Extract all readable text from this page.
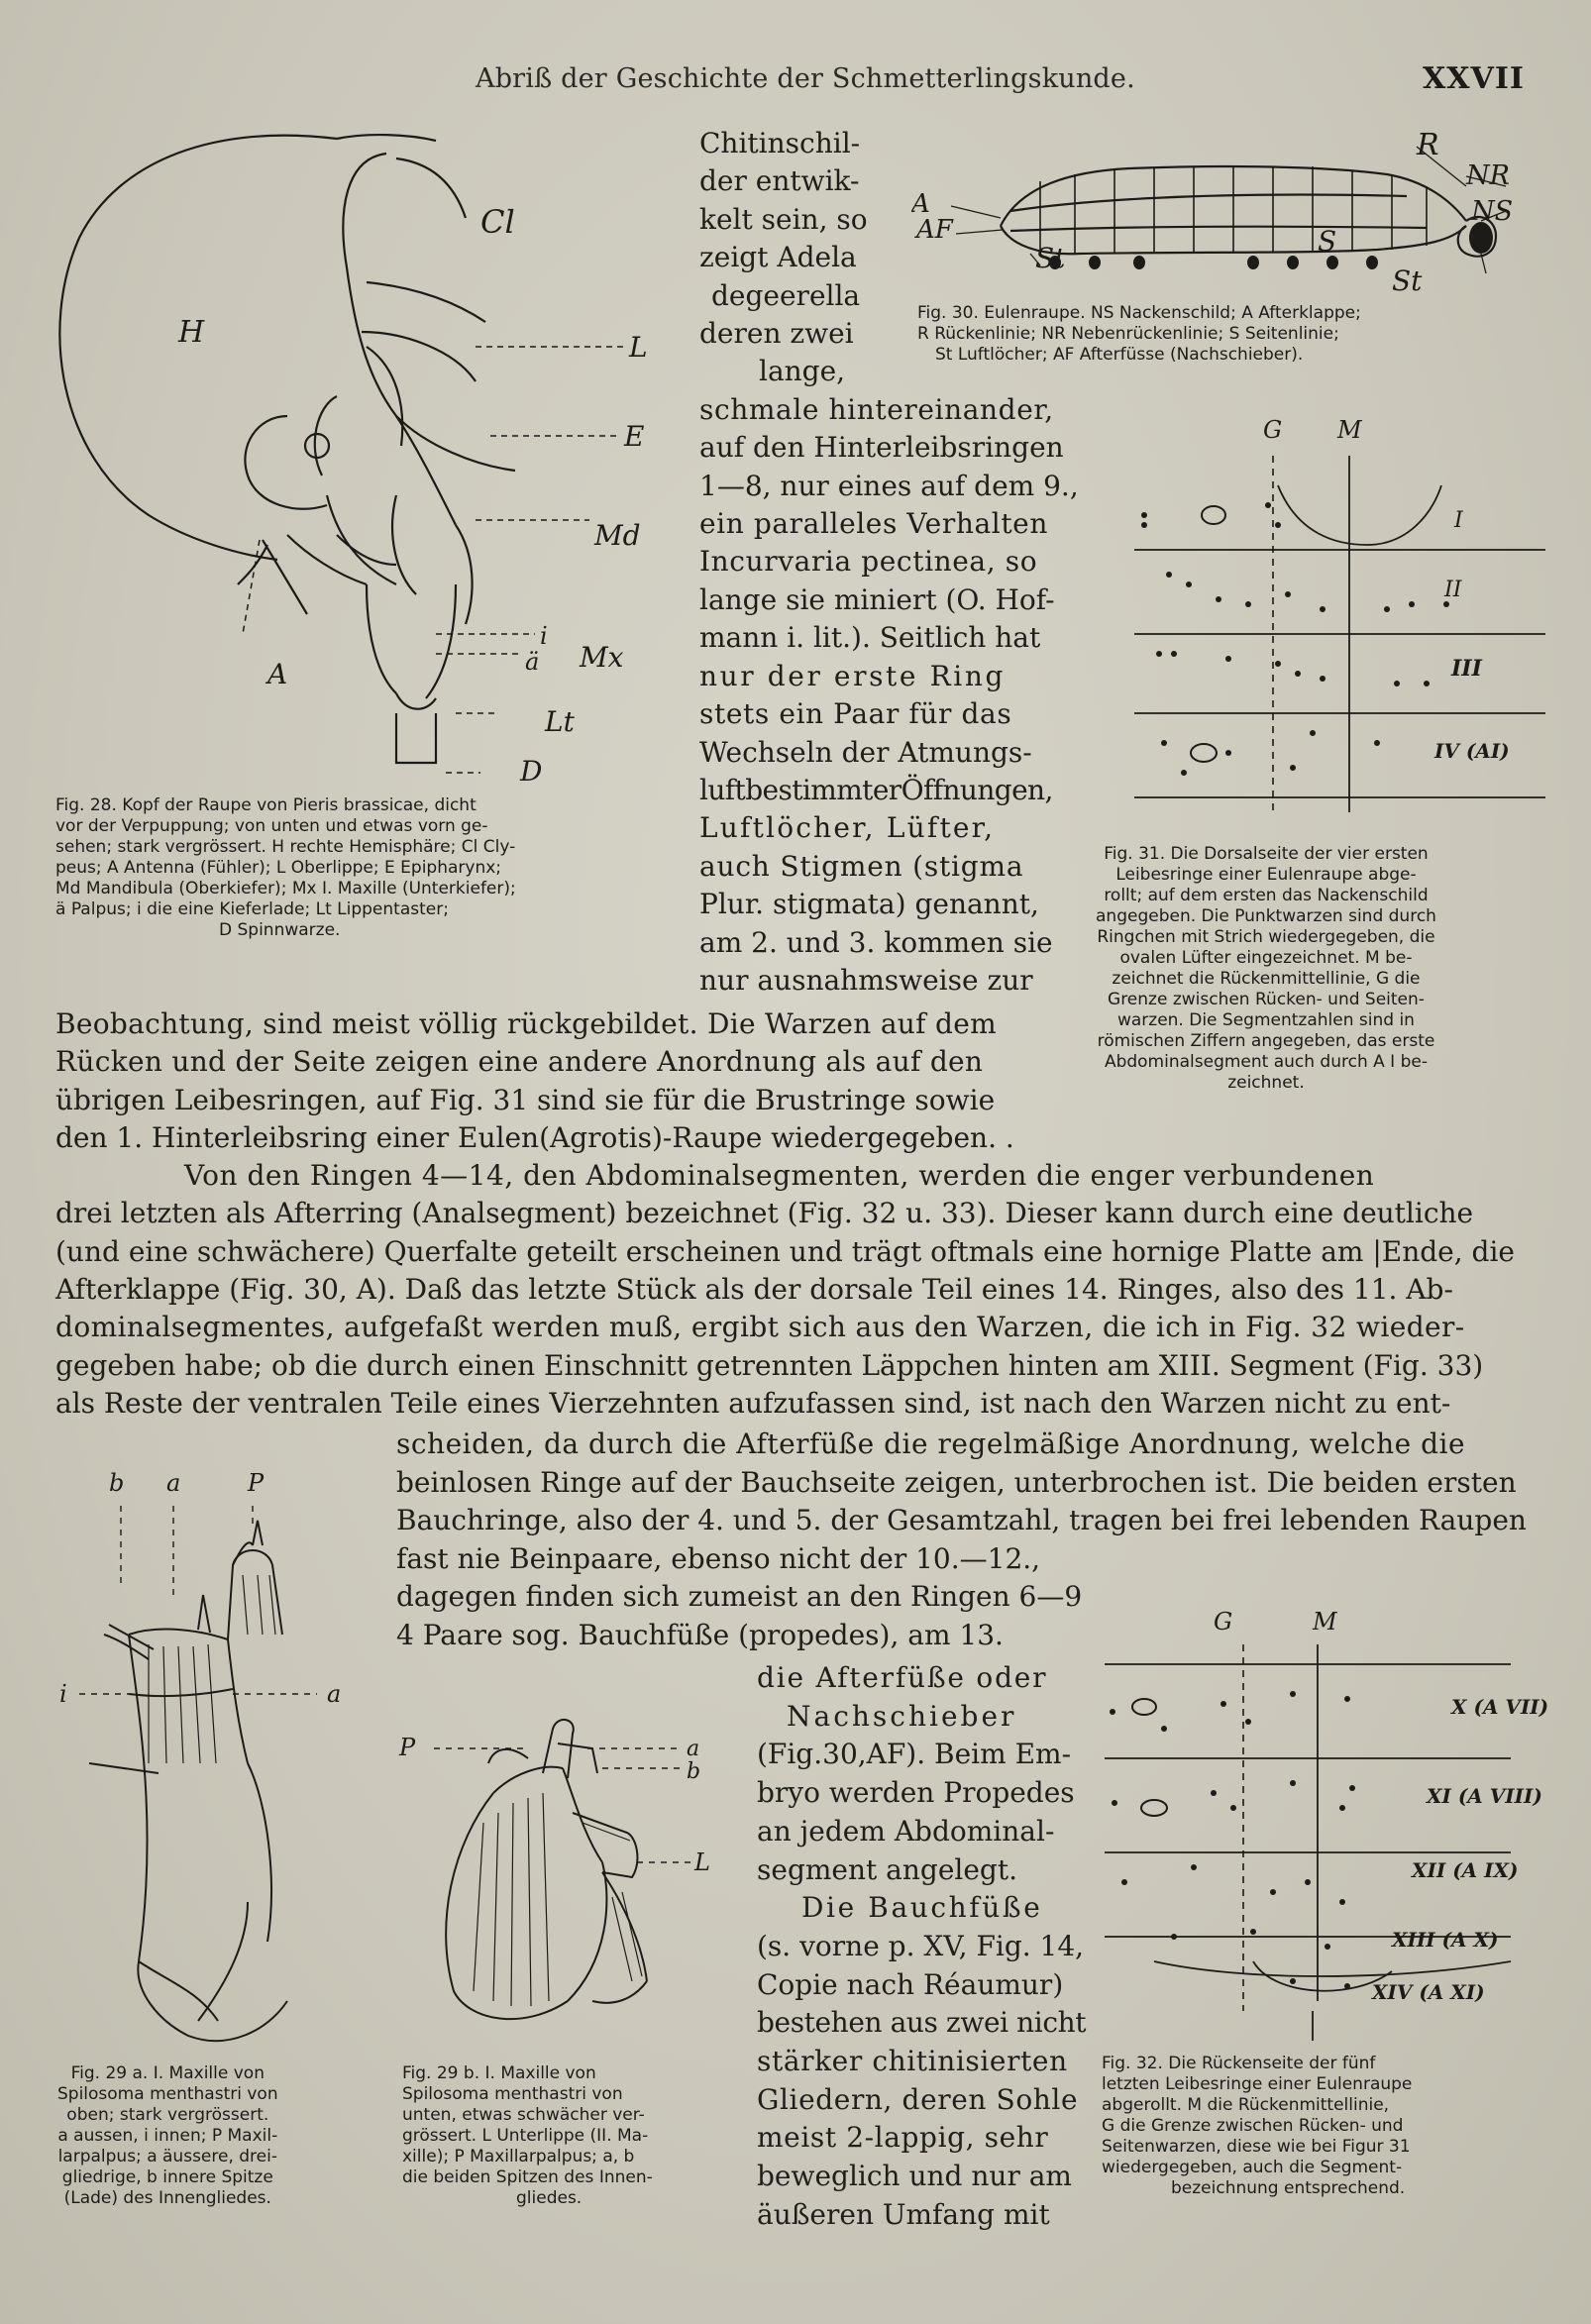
Abriß der Geschichte der Schmetterlingskunde.	XXVII
H
Cl
L
E
Md
i
ä Mx
Lt
D
A
Fig. 28. Kopf der Raupe von Pieris brassicae, dicht
vor der Verpuppung; von unten und etwas vorn ge-
sehen; stark vergrössert. H rechte Hemisphäre; Cl Cly-
peus; A Antenna (Fühler); L Oberlippe; E Epipharynx;
Md Mandibula (Oberkiefer); Mx I. Maxille (Unterkiefer);
ä Palpus; i die eine Kieferlade; Lt Lippentaster;
D Spinnwarze.
Chitinschil-
der entwik-
kelt sein, so
zeigt Adela
degeerella
deren zwei
lange,
schmale hintereinander,
auf den Hinterleibsringen
1—8, nur eines auf dem 9.,
ein paralleles Verhalten
Incurvaria pectinea, so
lange sie miniert (O. Hof-
mann i. lit.). Seitlich hat
nur der erste Ring
stets ein Paar für das
Wechseln der Atmungs-
luftbestimmterÖffnungen,
Luftlöcher, Lüfter,
auch Stigmen (stigma
Plur. stigmata) genannt,
am 2. und 3. kommen sie
nur ausnahmsweise zur
R
NR
NS
A
AF
St
S
St
Fig. 30. Eulenraupe. NS Nackenschild; A Afterklappe;
R Rückenlinie; NR Nebenrückenlinie; S Seitenlinie;
St Luftlöcher; AF Afterfüsse (Nachschieber).
G M
I
II
III
IV (AI)
Fig. 31. Die Dorsalseite der vier ersten
Leibesringe einer Eulenraupe abge-
rollt; auf dem ersten das Nackenschild
angegeben. Die Punktwarzen sind durch
Ringchen mit Strich wiedergegeben, die
ovalen Lüfter eingezeichnet. M be-
zeichnet die Rückenmittellinie, G die
Grenze zwischen Rücken- und Seiten-
warzen. Die Segmentzahlen sind in
römischen Ziffern angegeben, das erste
Abdominalsegment auch durch A I be-
zeichnet.
Beobachtung, sind meist völlig rückgebildet. Die Warzen auf dem
Rücken und der Seite zeigen eine andere Anordnung als auf den
übrigen Leibesringen, auf Fig. 31 sind sie für die Brustringe sowie
den 1. Hinterleibsring einer Eulen(Agrotis)-Raupe wiedergegeben. .
Von den Ringen 4—14, den Abdominalsegmenten, werden die enger verbundenen
drei letzten als Afterring (Analsegment) bezeichnet (Fig. 32 u. 33). Dieser kann durch eine deutliche
(und eine schwächere) Querfalte geteilt erscheinen und trägt oftmals eine hornige Platte am |Ende, die
Afterklappe (Fig. 30, A). Daß das letzte Stück als der dorsale Teil eines 14. Ringes, also des 11. Ab-
dominalsegmentes, aufgefaßt werden muß, ergibt sich aus den Warzen, die ich in Fig. 32 wieder-
gegeben habe; ob die durch einen Einschnitt getrennten Läppchen hinten am XIII. Segment (Fig. 33)
als Reste der ventralen Teile eines Vierzehnten aufzufassen sind, ist nach den Warzen nicht zu ent-
scheiden, da durch die Afterfüße die regelmäßige Anordnung, welche die
beinlosen Ringe auf der Bauchseite zeigen, unterbrochen ist. Die beiden ersten
Bauchringe, also der 4. und 5. der Gesamtzahl, tragen bei frei lebenden Raupen
fast nie Beinpaare, ebenso nicht der 10.—12.,
dagegen finden sich zumeist an den Ringen 6—9
4 Paare sog. Bauchfüße (propedes), am 13.
die Afterfüße oder
Nachschieber
(Fig.30,AF). Beim Em-
bryo werden Propedes
an jedem Abdominal-
segment angelegt.
Die Bauchfüße
(s. vorne p. XV, Fig. 14,
Copie nach Réaumur)
bestehen aus zwei nicht
stärker chitinisierten
Gliedern, deren Sohle
meist 2-lappig, sehr
beweglich und nur am
äußeren Umfang mit
b a	P
i	a
Fig. 29 a. I. Maxille von
Spilosoma menthastri von
oben; stark vergrössert.
a aussen, i innen; P Maxil-
larpalpus; a äussere, drei-
gliedrige, b innere Spitze
(Lade) des Innengliedes.
P	a
b
L
Fig. 29 b. I. Maxille von
Spilosoma menthastri von
unten, etwas schwächer ver-
grössert. L Unterlippe (II. Ma-
xille); P Maxillarpalpus; a, b
die beiden Spitzen des Innen-
gliedes.
G	M
X (A VII)
XI (A VIII)
XII (A IX)
XIII (A X)
XIV (A XI)
Fig. 32. Die Rückenseite der fünf
letzten Leibesringe einer Eulenraupe
abgerollt. M die Rückenmittellinie,
G die Grenze zwischen Rücken- und
Seitenwarzen, diese wie bei Figur 31
wiedergegeben, auch die Segment-
bezeichnung entsprechend.
